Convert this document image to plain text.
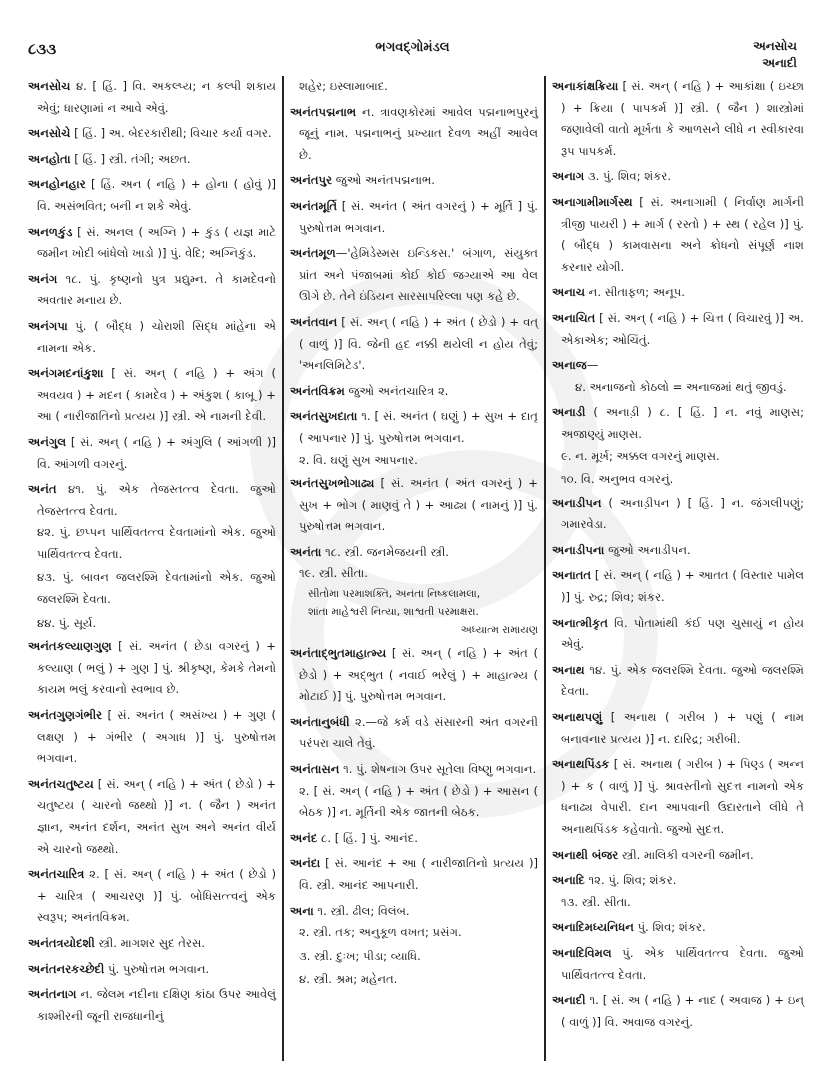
૮૩૩	ભગવદ્ગોમંડલ	અનસોચ
અનાદી

અનસોચ ૪. [ હિં. ] વિ. અકલ્પ્ય; ન કલ્પી શકાય એવું; ધારણામાં ન આવે એવું.

અનસોચે [ હિં. ] અ. બેદરકારીથી; વિચાર કર્યા વગર.

અનહોતા [ હિં. ] સ્ત્રી. તંગી; અછત.

અનહોનહાર [ હિં. અન ( નહિ ) + હોના ( હોવું )] વિ. અસંભવિત; બની ન શકે એવું.

અનળકુંડ [ સં. અનલ ( અગ્નિ ) + કુંડ ( યજ્ઞ માટે જમીન ખોદી બાંધેલો ખાડો )] પું. વેદિ; અગ્નિકુંડ.

અનંગ ૧૮. પું. કૃષ્ણનો પુત્ર પ્રદ્યુમ્ન. તે કામદેવનો અવતાર મનાય છે.

અનંગપા પું. ( બૌદ્ધ ) ચોરાશી સિદ્ધ માંહેના એ નામના એક.

અનંગમદનાંકુશા [ સં. અન્ ( નહિ ) + અંગ ( અવયવ ) + મદન ( કામદેવ ) + અંકુશ ( કાબૂ ) + આ ( નારીજાતિનો પ્રત્યય )] સ્ત્રી. એ નામની દેવી.

અનંગુલ [ સં. અન્ ( નહિ ) + અંગુલિ ( આંગળી )] વિ. આંગળી વગરનું.

અનંત ૪૧. પું. એક તેજસ્તત્ત્વ દેવતા. જુઓ તેજસ્તત્ત્વ દેવતા.

૪૨. પું. છપ્પન પાર્થિવતત્ત્વ દેવતામાંનો એક. જુઓ પાર્થિવતત્ત્વ દેવતા.

૪૩. પું. બાવન જલરશ્મિ દેવતામાંનો એક. જુઓ જલરશ્મિ દેવતા.

૪૪. પું. સૂર્ય.

અનંતકલ્યાણગુણ [ સં. અનંત ( છેડા વગરનું ) + કલ્યાણ ( ભલું ) + ગુણ ] પું. શ્રીકૃષ્ણ, કેમકે તેમનો કાયમ ભલું કરવાનો સ્વભાવ છે.

અનંતગુણગંભીર [ સં. અનંત ( અસંખ્ય ) + ગુણ ( લક્ષણ ) + ગંભીર ( અગાધ )] પું. પુરુષોત્તમ ભગવાન.

અનંતચતુષ્ટય [ સં. અન્ ( નહિ ) + અંત ( છેડો ) + ચતુષ્ટય ( ચારનો જથ્થો )] ન. ( જૈન ) અનંત જ્ઞાન, અનંત દર્શન, અનંત સુખ અને અનંત વીર્ય એ ચારનો જથ્થો.

અનંતચારિત્ર ૨. [ સં. અન્ ( નહિ ) + અંત ( છેડો ) + ચારિત્ર ( આચરણ )] પું. બોધિસત્ત્વનું એક સ્વરૂપ; અનંતવિક્રમ.

અનંતત્રયોદશી સ્ત્રી. માગશર સુદ તેરસ.

અનંતનરકચ્છેદી પું. પુરુષોત્તમ ભગવાન.

અનંતનાગ ન. જેલમ નદીના દક્ષિણ કાંઠા ઉપર આવેલું કાશ્મીરની જૂની રાજધાનીનું

શહેર; ઇસ્લામાબાદ.

અનંતપદ્મનાભ ન. ત્રાવણકોરમાં આવેલ પદ્મનાભપુરનું જૂનું નામ. પદ્મનાભનું પ્રખ્યાત દેવળ અહીં આવેલ છે.

અનંતપુર જુઓ અનંતપદ્મનાભ.

અનંતમૂર્તિ [ સં. અનંત ( અંત વગરનું ) + મૂર્તિ ] પું. પુરુષોત્તમ ભગવાન.

અનંતમૂળ—'હેમિડેસ્મસ ઇન્ડિકસ.' બંગાળ, સંયુક્ત પ્રાંત અને પંજાબમાં કોઈ કોઈ જગ્યાએ આ વેલ ઊગે છે. તેને ઇંડિયન સારસાપરિલ્લા પણ કહે છે.

અનંતવાન [ સં. અન્ ( નહિ ) + અંત ( છેડો ) + વત્ ( વાળું )] વિ. જેની હદ નક્કી થયેલી ન હોય તેવું; 'અનલિમિટેડ'.

અનંતવિક્રમ જુઓ અનંતચારિત્ર ૨.

અનંતસુખદાતા ૧. [ સં. અનંત ( ઘણું ) + સુખ + દાતૃ ( આપનાર )] પું. પુરુષોત્તમ ભગવાન.

૨. વિ. ઘણું સુખ આપનાર.

અનંતસુખભોગાઢ્ય [ સં. અનંત ( અંત વગરનું ) + સુખ + ભોગ ( માણવું તે ) + આઢ્ય ( નામનું )] પું. પુરુષોત્તમ ભગવાન.

અનંતા ૧૮. સ્ત્રી. જનમેજયની સ્ત્રી.

૧૯. સ્ત્રી. સીતા.

સીતોમા પરમાશક્તિ, અનંતા નિષ્કલામલા,

શાંતા માહેશ્વરી નિત્યા, શાશ્વતી પરમાક્ષરા.

અધ્યાત્મ રામાયણ

અનંતાદ્ભુતમાહાત્મ્ય [ સં. અન્ ( નહિ ) + અંત ( છેડો ) + અદ્ભુત ( નવાઈ ભરેલું ) + માહાત્મ્ય ( મોટાઈ )] પું. પુરુષોત્તમ ભગવાન.

અનંતાનુબંધી ૨.—જે કર્મ વડે સંસારની અંત વગરની પરંપરા ચાલે તેવું.

અનંતાસન ૧. પું. શેષનાગ ઉપર સૂતેલા વિષ્ણુ ભગવાન.

૨. [ સં. અન્ ( નહિ ) + અંત ( છેડો ) + આસન ( બેઠક )] ન. મૂર્તિની એક જાતની બેઠક.

અનંદ ૮. [ હિં. ] પું. આનંદ.

અનંદા [ સં. આનંદ + આ ( નારીજાતિનો પ્રત્યય )] વિ. સ્ત્રી. આનંદ આપનારી.

અના ૧. સ્ત્રી. ઢીલ; વિલંબ.

૨. સ્ત્રી. તક; અનુકૂળ વખત; પ્રસંગ.

૩. સ્ત્રી. દુઃખ; પીડા; વ્યાધિ.

૪. સ્ત્રી. શ્રમ; મહેનત.

અનાકાંક્ષક્રિયા [ સં. અન્ ( નહિ ) + આકાંક્ષા ( ઇચ્છા ) + ક્રિયા ( પાપકર્મ )] સ્ત્રી. ( જૈન ) શાસ્ત્રોમાં જણાવેલી વાતો મૂર્ખતા કે આળસને લીધે ન સ્વીકારવા રૂપ પાપકર્મ.

અનાગ ૩. પું. શિવ; શંકર.

અનાગામીમાર્ગસ્થ [ સં. અનાગામી ( નિર્વાણ માર્ગની ત્રીજી પાયરી ) + માર્ગ ( રસ્તો ) + સ્થ ( રહેલ )] પું. ( બૌદ્ધ ) કામવાસના અને ક્રોધનો સંપૂર્ણ નાશ કરનાર યોગી.

અનાચ ન. સીતાફળ; અનૂપ.

અનાચિત [ સં. અન્ ( નહિ ) + ચિત્ત ( વિચારવું )] અ. એકાએક; ઓચિંતું.

અનાજ—

૪. અનાજનો કોઠલો = અનાજમાં થતું જીવડું.

અનાડી ( અનાડ઼ી ) ૮. [ હિં. ] ન. નવું માણસ; અજાણ્યું માણસ.

૯. ન. મૂર્ખ; અક્કલ વગરનું માણસ.

૧૦. વિ. અનુભવ વગરનું.

અનાડીપન ( અનાડ઼ીપન ) [ હિં. ] ન. જંગલીપણું; ગમારવેડા.

અનાડીપના જુઓ અનાડીપન.

અનાતત [ સં. અન્ ( નહિ ) + આતત ( વિસ્તાર પામેલ )] પું. રુદ્ર; શિવ; શંકર.

અનાત્મીકૃત વિ. પોતામાંથી કંઈ પણ ચુસાયું ન હોય એવું.

અનાથ ૧૪. પું. એક જલરશ્મિ દેવતા. જુઓ જલરશ્મિ દેવતા.

અનાથપણું [ અનાથ ( ગરીબ ) + પણું ( નામ બનાવનાર પ્રત્યય )] ન. દારિદ્ર; ગરીબી.

અનાથપિંડક [ સં. અનાથ ( ગરીબ ) + પિણ્ડ ( અન્ન ) + ક ( વાળું )] પું. શ્રાવસ્તીનો સુદત્ત નામનો એક ધનાઢ્ય વેપારી. દાન આપવાની ઉદારતાને લીધે તે અનાથપિંડક કહેવાતો. જુઓ સુદત્ત.

અનાથી બંજર સ્ત્રી. માલિકી વગરની જમીન.

અનાદિ ૧૨. પું. શિવ; શંકર.

૧૩. સ્ત્રી. સીતા.

અનાદિમધ્યનિધન પું. શિવ; શંકર.

અનાદિવિમલ પું. એક પાર્થિવતત્ત્વ દેવતા. જુઓ પાર્થિવતત્ત્વ દેવતા.

અનાદી ૧. [ સં. અ ( નહિ ) + નાદ ( અવાજ ) + ઇન્ ( વાળું )] વિ. અવાજ વગરનું.
